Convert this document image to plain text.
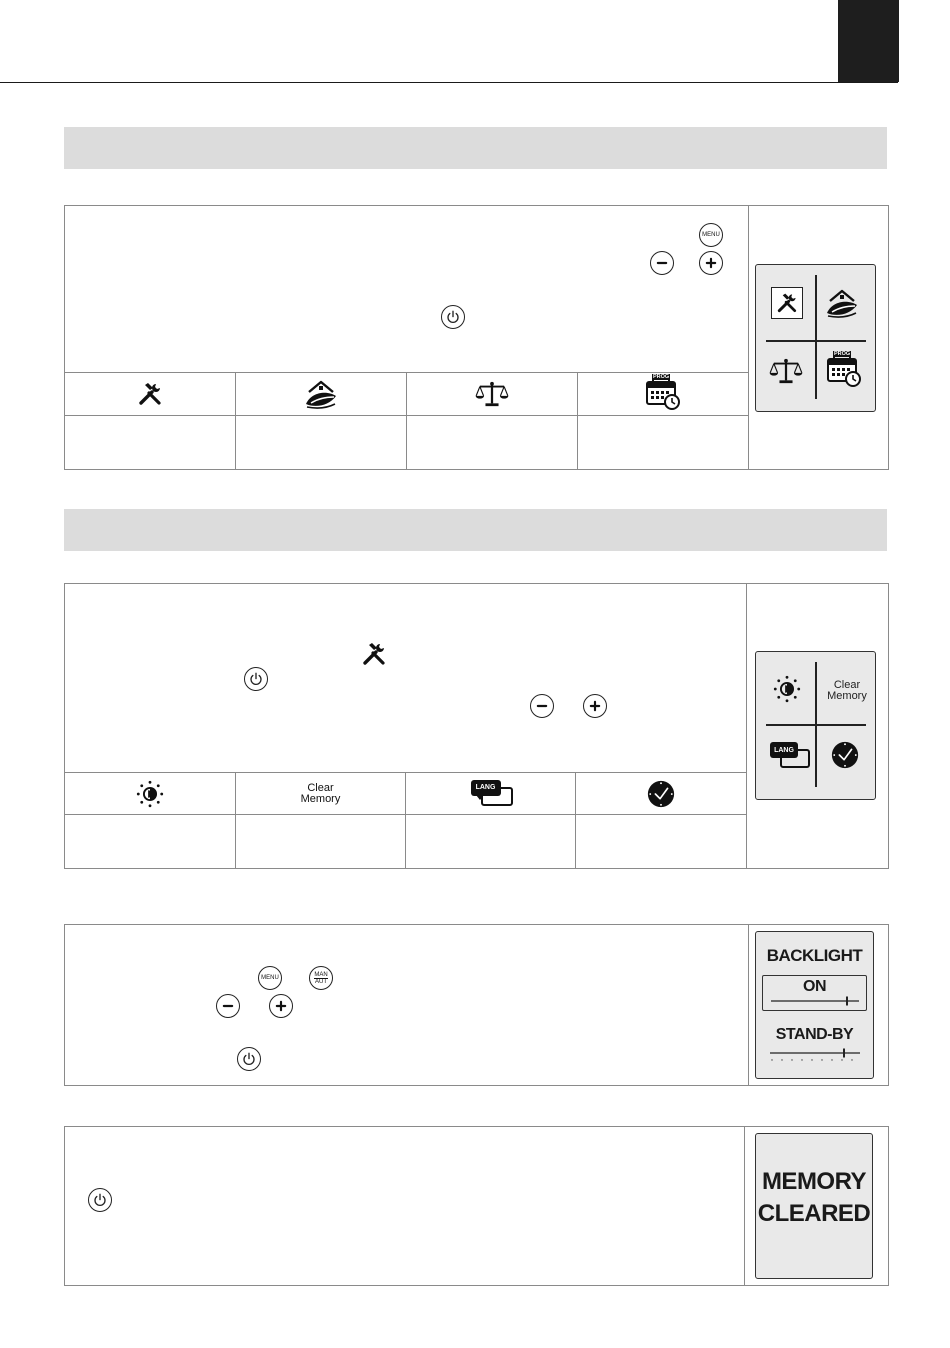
MENU
PROG
PROG
Clear
Memory
LANG
Clear
Memory
LANG
MENU
MAN
AUT
BACKLIGHT
ON
STAND-BY
MEMORY
CLEARED
